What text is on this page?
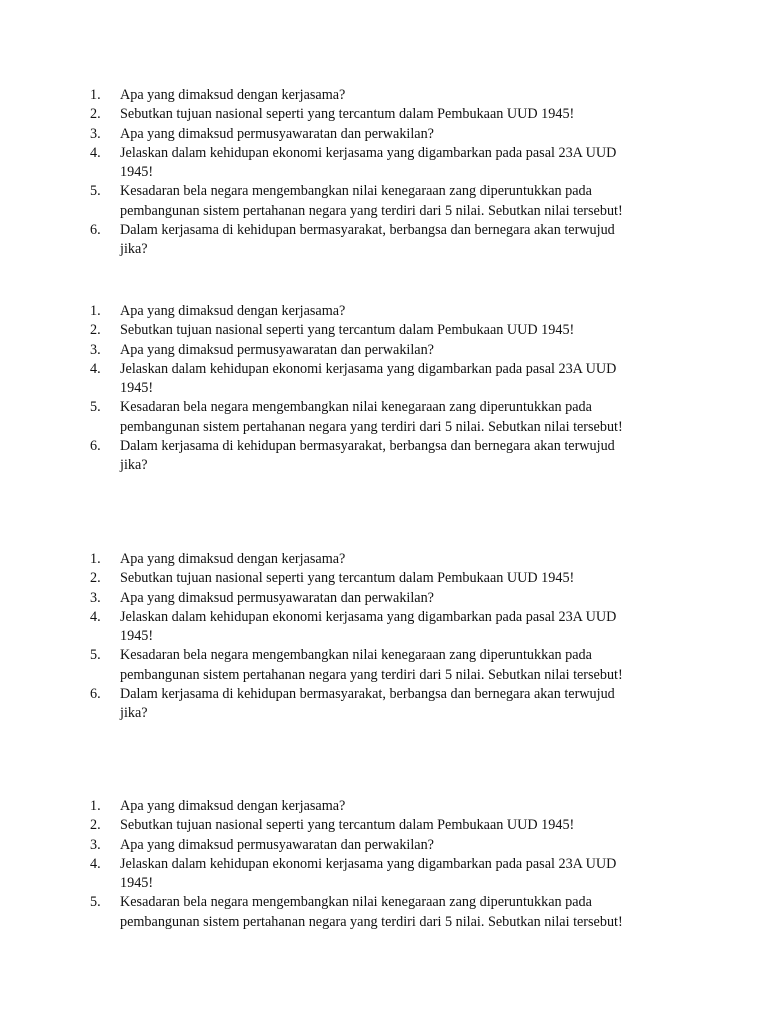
1.	Apa yang dimaksud dengan kerjasama?
2.	Sebutkan tujuan nasional seperti yang tercantum dalam Pembukaan UUD 1945!
3.	Apa yang dimaksud permusyawaratan dan perwakilan?
4.	Jelaskan dalam kehidupan ekonomi kerjasama yang digambarkan pada pasal 23A UUD
1945!
5.	Kesadaran bela negara mengembangkan nilai kenegaraan zang diperuntukkan pada
pembangunan sistem pertahanan negara yang terdiri dari 5 nilai. Sebutkan nilai tersebut!
6.	Dalam kerjasama di kehidupan bermasyarakat, berbangsa dan bernegara akan terwujud
jika?
1.	Apa yang dimaksud dengan kerjasama?
2.	Sebutkan tujuan nasional seperti yang tercantum dalam Pembukaan UUD 1945!
3.	Apa yang dimaksud permusyawaratan dan perwakilan?
4.	Jelaskan dalam kehidupan ekonomi kerjasama yang digambarkan pada pasal 23A UUD
1945!
5.	Kesadaran bela negara mengembangkan nilai kenegaraan zang diperuntukkan pada
pembangunan sistem pertahanan negara yang terdiri dari 5 nilai. Sebutkan nilai tersebut!
6.	Dalam kerjasama di kehidupan bermasyarakat, berbangsa dan bernegara akan terwujud
jika?
1.	Apa yang dimaksud dengan kerjasama?
2.	Sebutkan tujuan nasional seperti yang tercantum dalam Pembukaan UUD 1945!
3.	Apa yang dimaksud permusyawaratan dan perwakilan?
4.	Jelaskan dalam kehidupan ekonomi kerjasama yang digambarkan pada pasal 23A UUD
1945!
5.	Kesadaran bela negara mengembangkan nilai kenegaraan zang diperuntukkan pada
pembangunan sistem pertahanan negara yang terdiri dari 5 nilai. Sebutkan nilai tersebut!
6.	Dalam kerjasama di kehidupan bermasyarakat, berbangsa dan bernegara akan terwujud
jika?
1.	Apa yang dimaksud dengan kerjasama?
2.	Sebutkan tujuan nasional seperti yang tercantum dalam Pembukaan UUD 1945!
3.	Apa yang dimaksud permusyawaratan dan perwakilan?
4.	Jelaskan dalam kehidupan ekonomi kerjasama yang digambarkan pada pasal 23A UUD
1945!
5.	Kesadaran bela negara mengembangkan nilai kenegaraan zang diperuntukkan pada
pembangunan sistem pertahanan negara yang terdiri dari 5 nilai. Sebutkan nilai tersebut!
